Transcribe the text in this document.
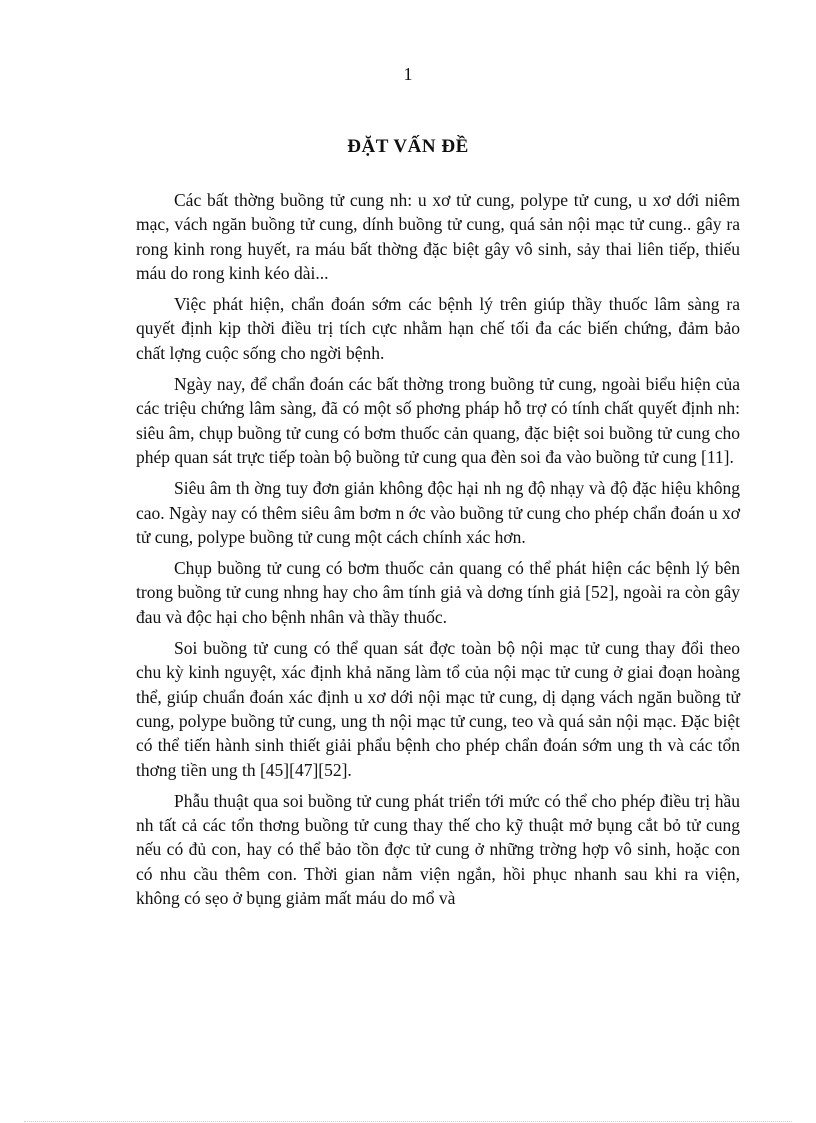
1
ĐẶT VẤN ĐỀ

Các bất thờng buồng tử cung nh: u xơ tử cung, polype tử cung, u xơ dới niêm mạc, vách ngăn buồng tử cung, dính buồng tử cung, quá sản nội mạc tử cung.. gây ra rong kinh rong huyết, ra máu bất thờng đặc biệt gây vô sinh, sảy thai liên tiếp, thiếu máu do rong kinh kéo dài...

Việc phát hiện, chẩn đoán sớm các bệnh lý trên giúp thầy thuốc lâm sàng ra quyết định kịp thời điều trị tích cực nhằm hạn chế tối đa các biến chứng, đảm bảo chất lợng cuộc sống cho ngời bệnh.

Ngày nay, để chẩn đoán các bất thờng trong buồng tử cung, ngoài biểu hiện của các triệu chứng lâm sàng, đã có một số phơng pháp hỗ trợ có tính chất quyết định nh: siêu âm, chụp buồng tử cung có bơm thuốc cản quang, đặc biệt soi buồng tử cung cho phép quan sát trực tiếp toàn bộ buồng tử cung qua đèn soi đa vào buồng tử cung [11].

Siêu âm th ờng tuy đơn giản không độc hại nh ng độ nhạy và độ đặc hiệu không cao. Ngày nay có thêm siêu âm bơm n ớc vào buồng tử cung cho phép chẩn đoán u xơ tử cung, polype buồng tử cung một cách chính xác hơn.

Chụp buồng tử cung có bơm thuốc cản quang có thể phát hiện các bệnh lý bên trong buồng tử cung nhng hay cho âm tính giả và dơng tính giả [52], ngoài ra còn gây đau và độc hại cho bệnh nhân và thầy thuốc.

Soi buồng tử cung có thể quan sát đợc toàn bộ nội mạc tử cung thay đổi theo chu kỳ kinh nguyệt, xác định khả năng làm tổ của nội mạc tử cung ở giai đoạn hoàng thể, giúp chuẩn đoán xác định u xơ dới nội mạc tử cung, dị dạng vách ngăn buồng tử cung, polype buồng tử cung, ung th nội mạc tử cung, teo và quá sản nội mạc. Đặc biệt có thể tiến hành sinh thiết giải phẩu bệnh cho phép chẩn đoán sớm ung th và các tổn thơng tiền ung th [45][47][52].

Phẫu thuật qua soi buồng tử cung phát triển tới mức có thể cho phép điều trị hầu nh tất cả các tổn thơng buồng tử cung thay thế cho kỹ thuật mở bụng cắt bỏ tử cung nếu có đủ con, hay có thể bảo tồn đợc tử cung ở những trờng hợp vô sinh, hoặc con có nhu cầu thêm con. Thời gian nằm viện ngắn, hồi phục nhanh sau khi ra viện, không có sẹo ở bụng giảm mất máu do mổ và
